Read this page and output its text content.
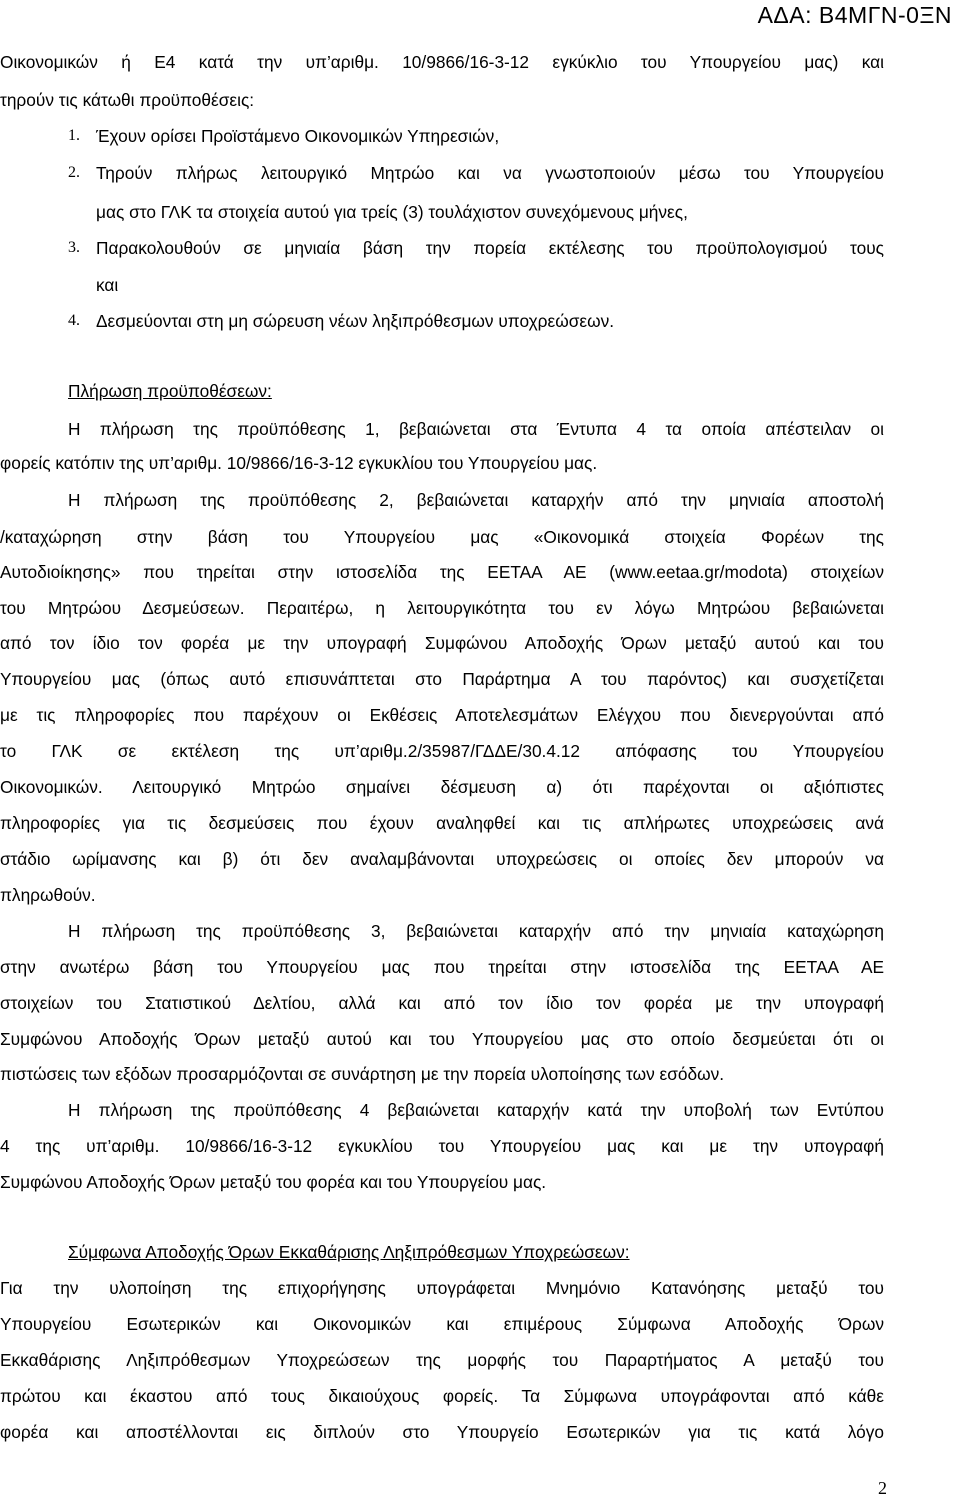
ΑΔΑ: Β4ΜΓΝ-0ΞΝ
Οικονομικών ή Ε4 κατά την υπ’αριθμ. 10/9866/16-3-12 εγκύκλιο του Υπουργείου μας) και
τηρούν τις κάτωθι προϋποθέσεις:
1. Έχουν ορίσει Προϊστάμενο Οικονομικών Υπηρεσιών,
2. Τηρούν πλήρως λειτουργικό Μητρώο και να γνωστοποιούν μέσω του Υπουργείου
μας στο ΓΛΚ τα στοιχεία αυτού για τρείς (3) τουλάχιστον συνεχόμενους μήνες,
3. Παρακολουθούν σε μηνιαία βάση την πορεία εκτέλεσης του προϋπολογισμού τους
και
4. Δεσμεύονται στη μη σώρευση νέων ληξιπρόθεσμων υποχρεώσεων.
Πλήρωση προϋποθέσεων:
Η πλήρωση της προϋπόθεσης 1, βεβαιώνεται στα Έντυπα 4 τα οποία απέστειλαν οι
φορείς κατόπιν της υπ’αριθμ. 10/9866/16-3-12 εγκυκλίου του Υπουργείου μας.
Η πλήρωση της προϋπόθεσης 2, βεβαιώνεται καταρχήν από την μηνιαία αποστολή
/καταχώρηση στην βάση του Υπουργείου μας «Οικονομικά στοιχεία Φορέων της
Αυτοδιοίκησης» που τηρείται στην ιστοσελίδα της ΕΕΤΑΑ ΑΕ (www.eetaa.gr/modota) στοιχείων
του Μητρώου Δεσμεύσεων. Περαιτέρω, η λειτουργικότητα του εν λόγω Μητρώου βεβαιώνεται
από τον ίδιο τον φορέα με την υπογραφή Συμφώνου Αποδοχής Όρων μεταξύ αυτού και του
Υπουργείου μας (όπως αυτό επισυνάπτεται στο Παράρτημα Α του παρόντος) και συσχετίζεται
με τις πληροφορίες που παρέχουν οι Εκθέσεις Αποτελεσμάτων Ελέγχου που διενεργούνται από
το ΓΛΚ σε εκτέλεση της υπ’αριθμ.2/35987/ΓΔΔΕ/30.4.12 απόφασης του Υπουργείου
Οικονομικών. Λειτουργικό Μητρώο σημαίνει δέσμευση α) ότι παρέχονται οι αξιόπιστες
πληροφορίες για τις δεσμεύσεις που έχουν αναληφθεί και τις απλήρωτες υποχρεώσεις ανά
στάδιο ωρίμανσης και β) ότι δεν αναλαμβάνονται υποχρεώσεις οι οποίες δεν μπορούν να
πληρωθούν.
Η πλήρωση της προϋπόθεσης 3, βεβαιώνεται καταρχήν από την μηνιαία καταχώρηση
στην ανωτέρω βάση του Υπουργείου μας που τηρείται στην ιστοσελίδα της ΕΕΤΑΑ ΑΕ
στοιχείων του Στατιστικού Δελτίου, αλλά και από τον ίδιο τον φορέα με την υπογραφή
Συμφώνου Αποδοχής Όρων μεταξύ αυτού και του Υπουργείου μας στο οποίο δεσμεύεται ότι οι
πιστώσεις των εξόδων προσαρμόζονται σε συνάρτηση με την πορεία υλοποίησης των εσόδων.
Η πλήρωση της προϋπόθεσης 4 βεβαιώνεται καταρχήν κατά την υποβολή των Εντύπου
4 της υπ’αριθμ. 10/9866/16-3-12 εγκυκλίου του Υπουργείου μας και με την υπογραφή
Συμφώνου Αποδοχής Όρων μεταξύ του φορέα και του Υπουργείου μας.
Σύμφωνα Αποδοχής Όρων Εκκαθάρισης Ληξιπρόθεσμων Υποχρεώσεων:
Για την υλοποίηση της επιχορήγησης υπογράφεται Μνημόνιο Κατανόησης μεταξύ του
Υπουργείου Εσωτερικών και Οικονομικών και επιμέρους Σύμφωνα Αποδοχής Όρων
Εκκαθάρισης Ληξιπρόθεσμων Υποχρεώσεων της μορφής του Παραρτήματος Α μεταξύ του
πρώτου και έκαστου από τους δικαιούχους φορείς. Τα Σύμφωνα υπογράφονται από κάθε
φορέα και αποστέλλονται εις διπλούν στο Υπουργείο Εσωτερικών για τις κατά λόγο
2
